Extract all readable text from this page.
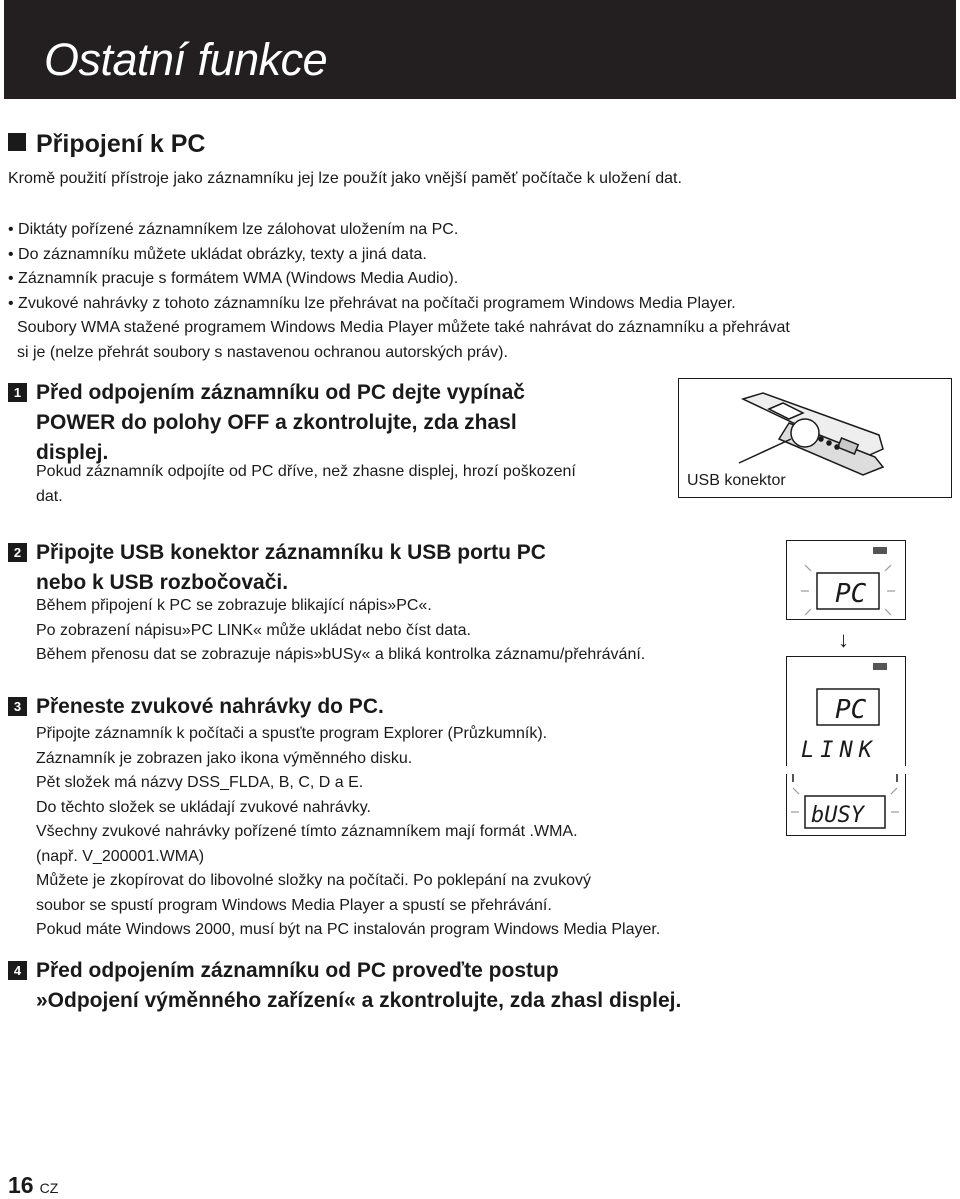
Ostatní funkce
Připojení k PC
Kromě použití přístroje jako záznamníku jej lze použít jako vnější paměť počítače k uložení dat.
• Diktáty pořízené záznamníkem lze zálohovat uložením na PC.
• Do záznamníku můžete ukládat obrázky, texty a jiná data.
• Záznamník pracuje s formátem WMA (Windows Media Audio).
• Zvukové nahrávky z tohoto záznamníku lze přehrávat na počítači programem Windows Media Player.
Soubory WMA stažené programem Windows Media Player můžete také nahrávat do záznamníku a přehrávat
si je (nelze přehrát soubory s nastavenou ochranou autorských práv).
1 Před odpojením záznamníku od PC dejte vypínač
POWER do polohy OFF a zkontrolujte, zda zhasl
displej.
Pokud záznamník odpojíte od PC dříve, než zhasne displej, hrozí poškození
dat.
USB konektor
2 Připojte USB konektor záznamníku k USB portu PC
nebo k USB rozbočovači.
Během připojení k PC se zobrazuje blikající nápis»PC«.
Po zobrazení nápisu»PC LINK« může ukládat nebo číst data.
Během přenosu dat se zobrazuje nápis»bUSy« a bliká kontrolka záznamu/přehrávání.
PC
↓
3 Přeneste zvukové nahrávky do PC.
Připojte záznamník k počítači a spusťte program Explorer (Průzkumník).
Záznamník je zobrazen jako ikona výměnného disku.
Pět složek má názvy DSS_FLDA, B, C, D a E.
Do těchto složek se ukládají zvukové nahrávky.
Všechny zvukové nahrávky pořízené tímto záznamníkem mají formát .WMA.
(např. V_200001.WMA)
Můžete je zkopírovat do libovolné složky na počítači. Po poklepání na zvukový
soubor se spustí program Windows Media Player a spustí se přehrávání.
Pokud máte Windows 2000, musí být na PC instalován program Windows Media Player.
PC
LINK
bUSY
4 Před odpojením záznamníku od PC proveďte postup
»Odpojení výměnného zařízení« a zkontrolujte, zda zhasl displej.
16 CZ
